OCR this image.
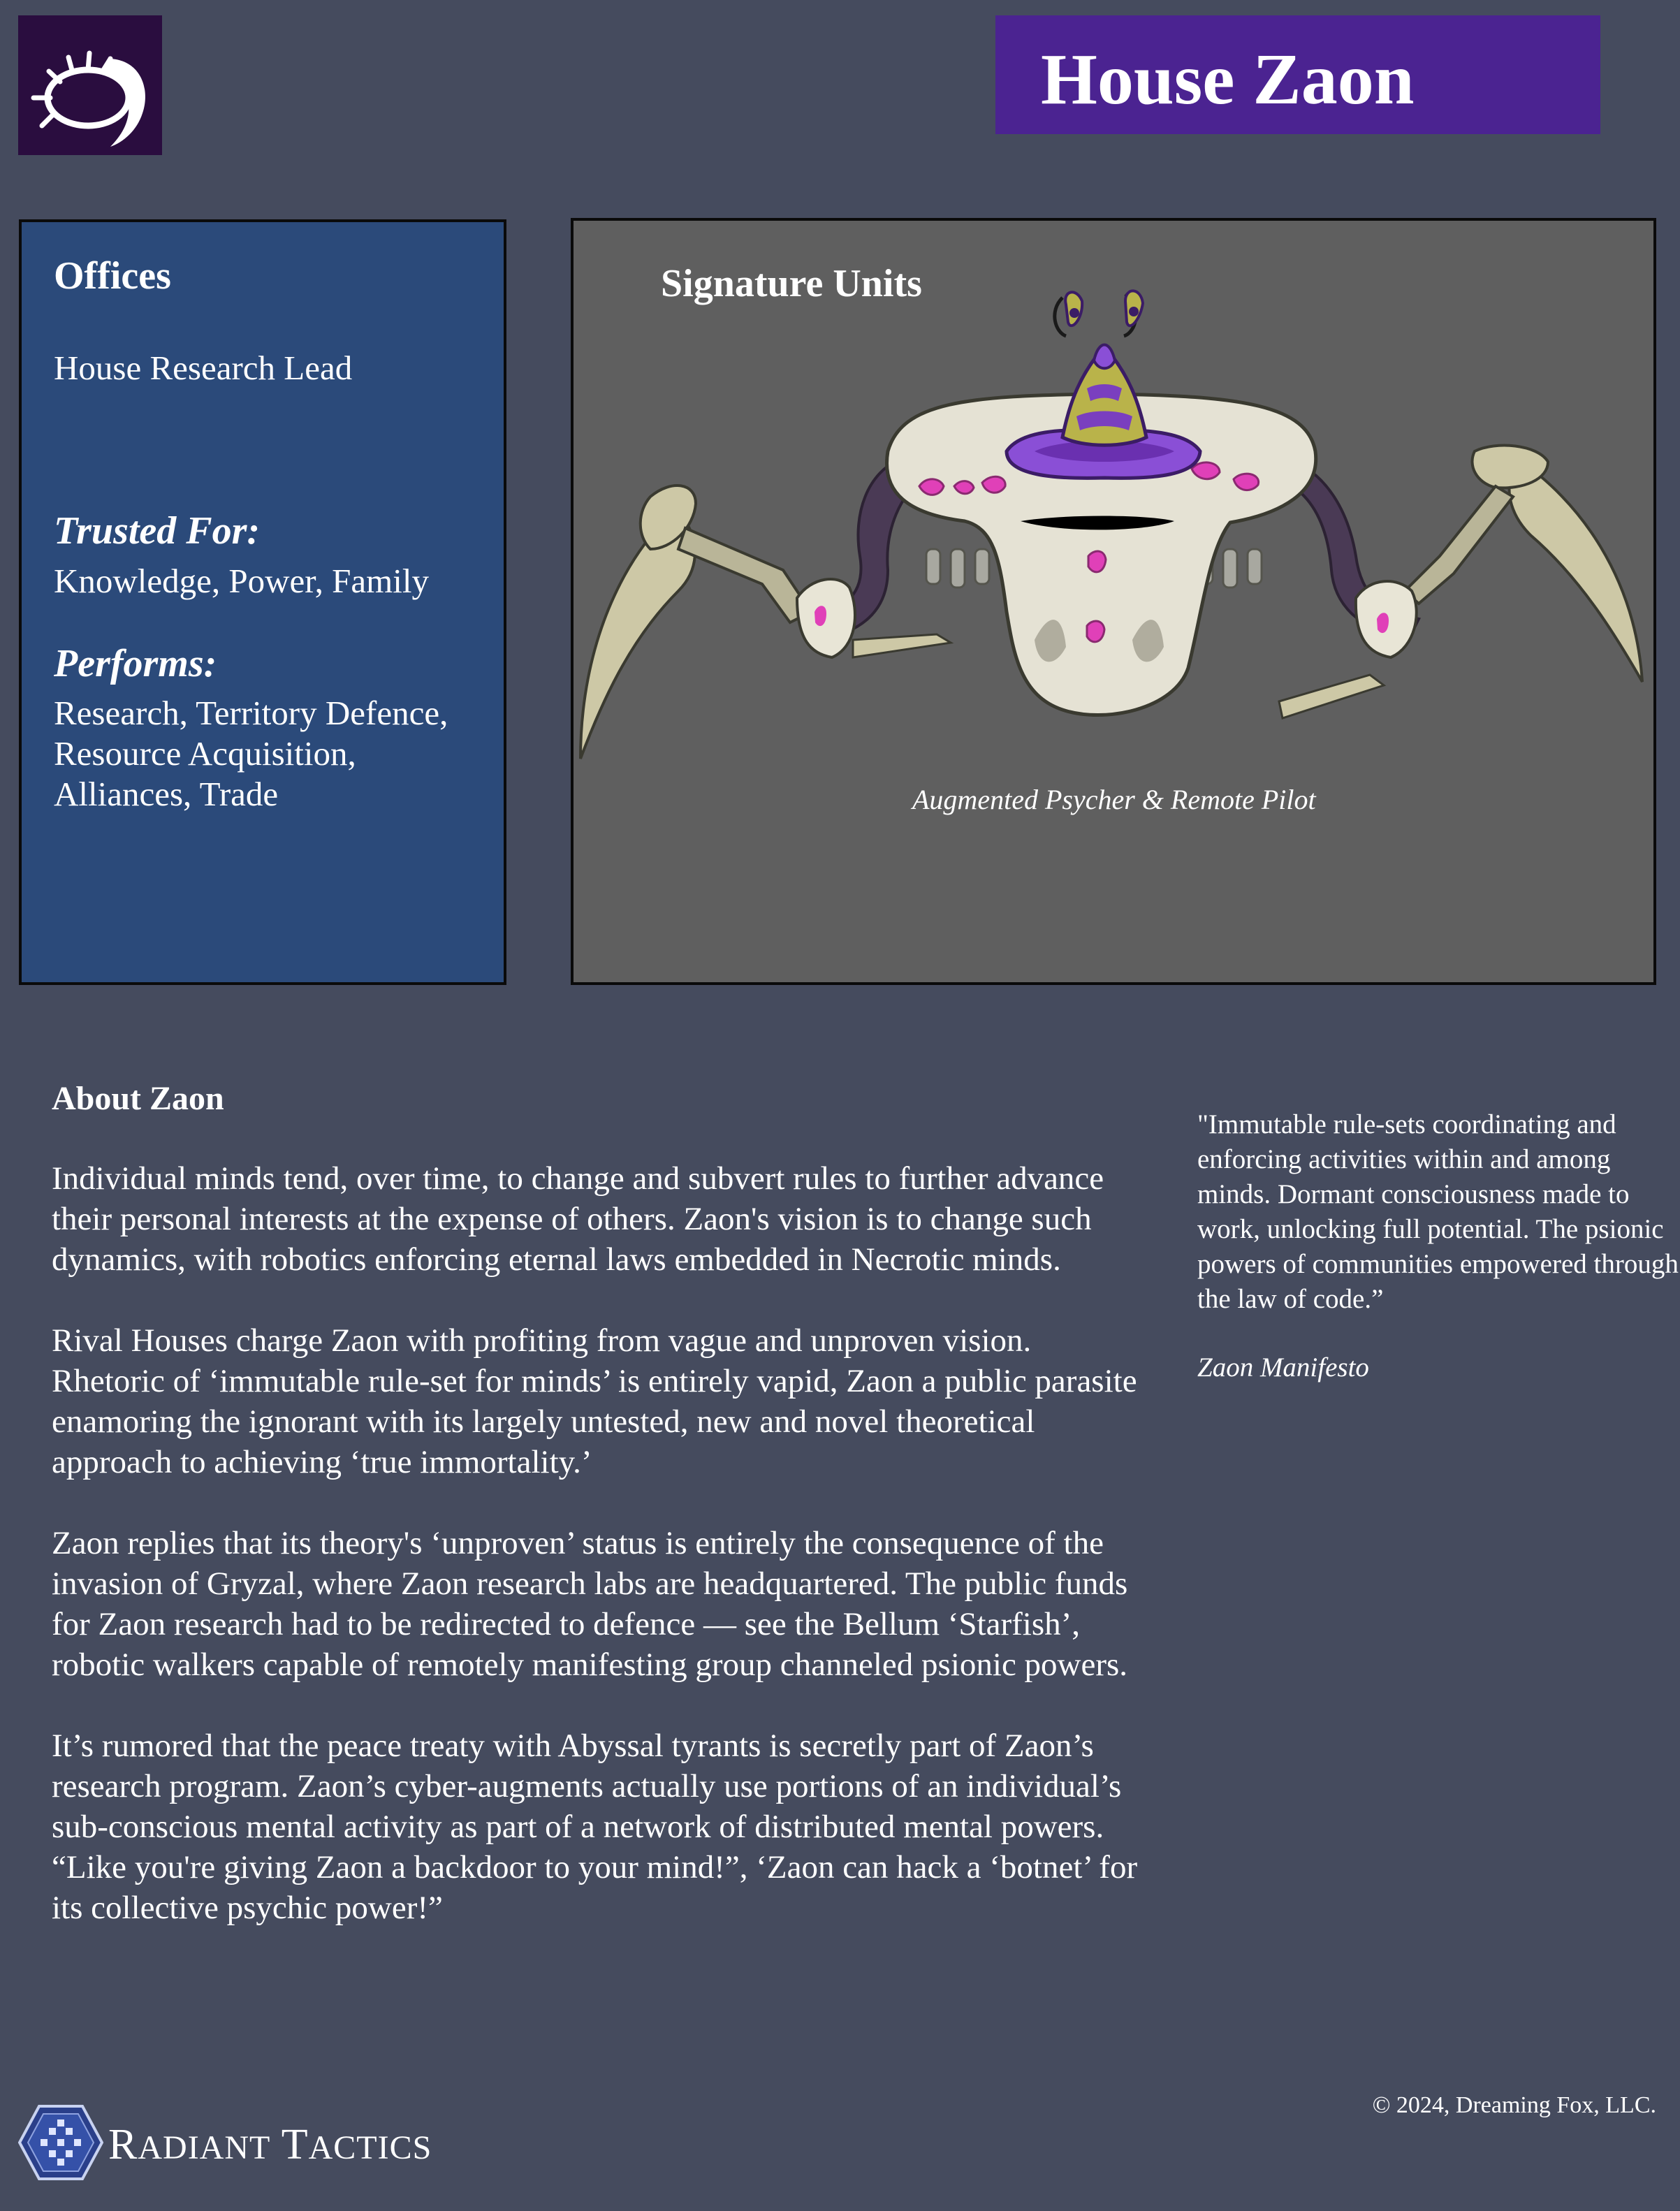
House Zaon
Offices
House Research Lead
Trusted For:
Knowledge, Power, Family
Performs:
Research, Territory Defence, Resource Acquisition, Alliances, Trade
Signature Units
Augmented Psycher & Remote Pilot
About Zaon

Individual minds tend, over time, to change and subvert rules to further advance their personal interests at the expense of others. Zaon's vision is to change such dynamics, with robotics enforcing eternal laws embedded in Necrotic minds.

Rival Houses charge Zaon with profiting from vague and unproven vision. Rhetoric of ‘immutable rule-set for minds’ is entirely vapid, Zaon a public parasite enamoring the ignorant with its largely untested, new and novel theoretical approach to achieving ‘true immortality.’

Zaon replies that its theory's ‘unproven’ status is entirely the consequence of the invasion of Gryzal, where Zaon research labs are headquartered. The public funds for Zaon research had to be redirected to defence — see the Bellum ‘Starfish’, robotic walkers capable of remotely manifesting group channeled psionic powers.

It’s rumored that the peace treaty with Abyssal tyrants is secretly part of Zaon’s research program. Zaon’s cyber-augments actually use portions of an individual’s sub-conscious mental activity as part of a network of distributed mental powers. “Like you're giving Zaon a backdoor to your mind!”, ‘Zaon can hack a ‘botnet’ for its collective psychic power!”

"Immutable rule-sets coordinating and enforcing activities within and among minds. Dormant consciousness made to work, unlocking full potential. The psionic powers of communities empowered through the law of code.”
Zaon Manifesto
RADIANT TACTICS
© 2024, Dreaming Fox, LLC.
